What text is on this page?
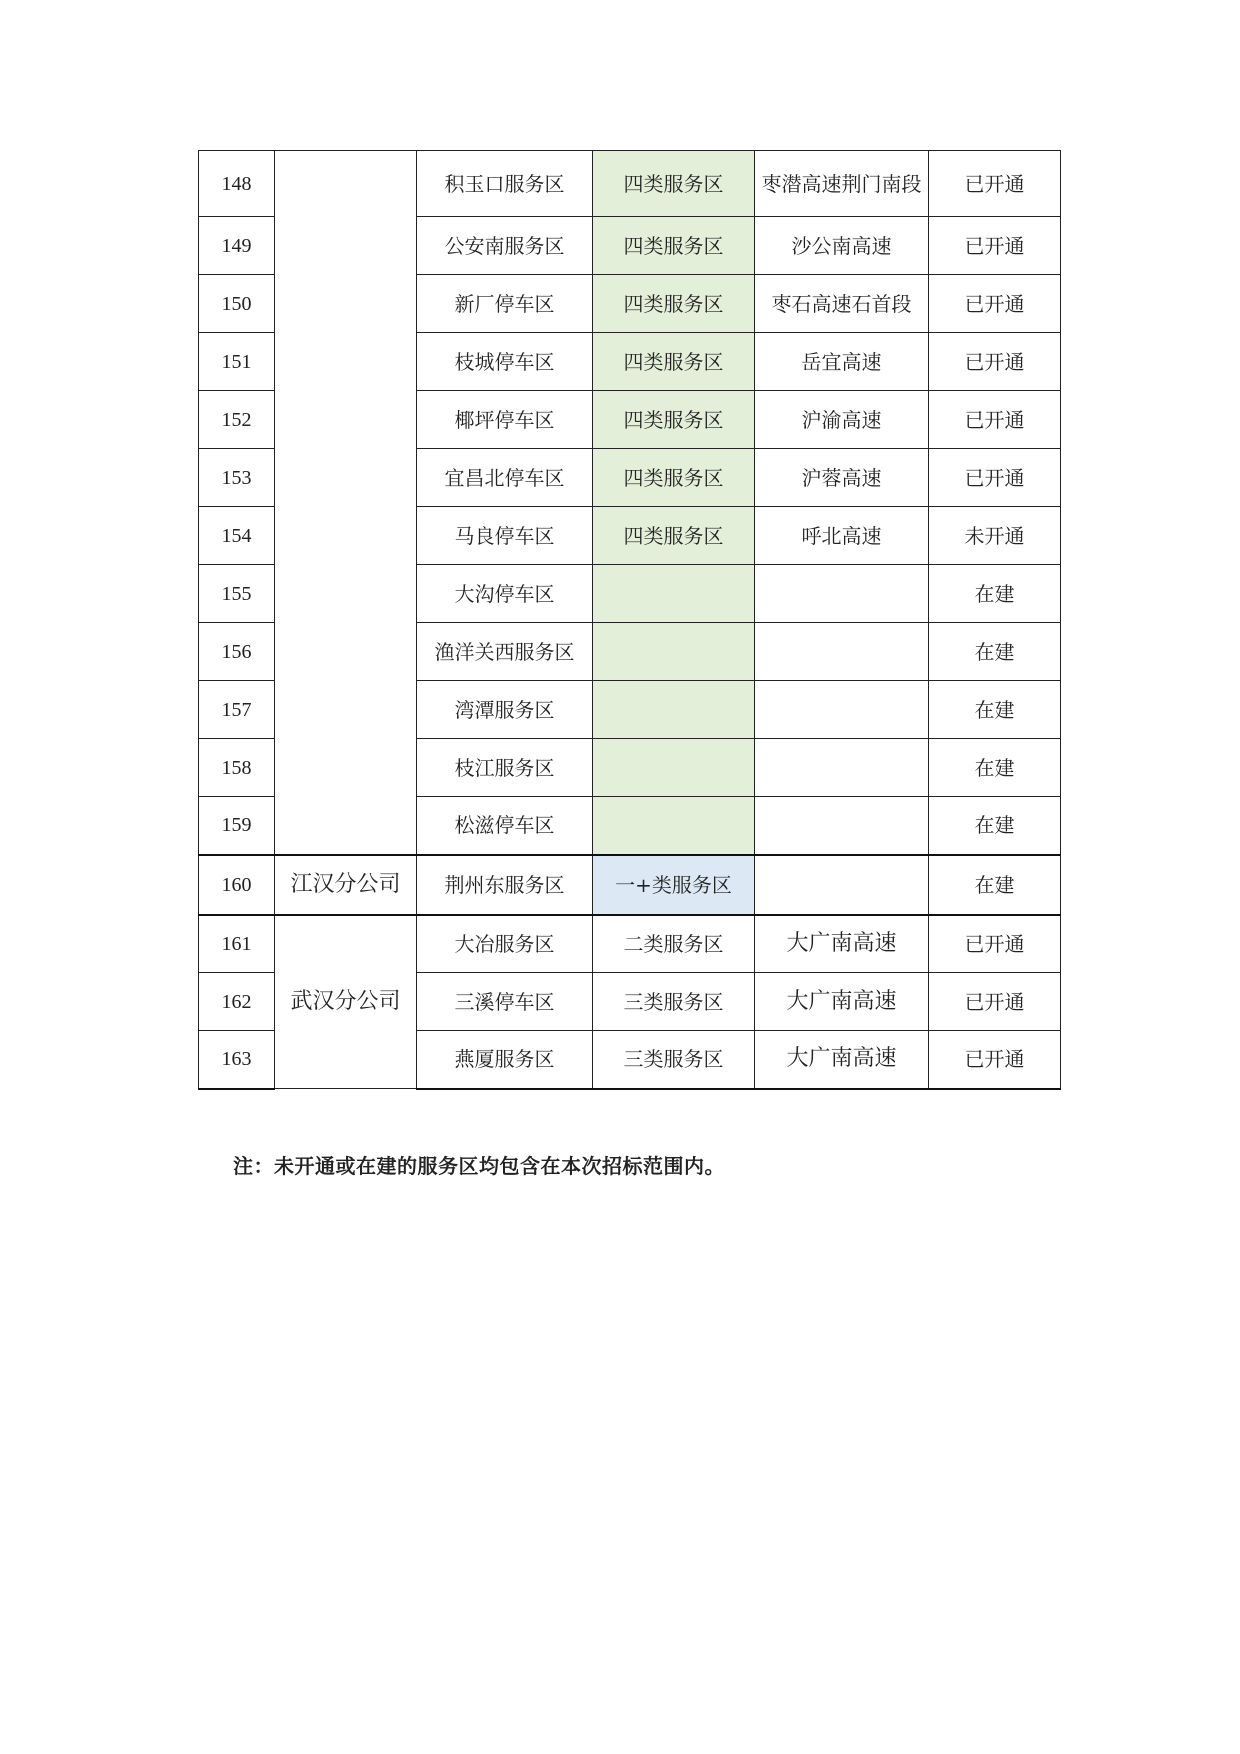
148		积玉口服务区	四类服务区	枣潜高速荆门南段	已开通
149		公安南服务区	四类服务区	沙公南高速	已开通
150		新厂停车区	四类服务区	枣石高速石首段	已开通
151		枝城停车区	四类服务区	岳宜高速	已开通
152		椰坪停车区	四类服务区	沪渝高速	已开通
153		宜昌北停车区	四类服务区	沪蓉高速	已开通
154		马良停车区	四类服务区	呼北高速	未开通
155		大沟停车区			在建
156		渔洋关西服务区			在建
157		湾潭服务区			在建
158		枝江服务区			在建
159		松滋停车区			在建
160	江汉分公司	荆州东服务区	一+类服务区		在建
161	武汉分公司	大冶服务区	二类服务区	大广南高速	已开通
162		三溪停车区	三类服务区	大广南高速	已开通
163		燕厦服务区	三类服务区	大广南高速	已开通
注：未开通或在建的服务区均包含在本次招标范围内。
